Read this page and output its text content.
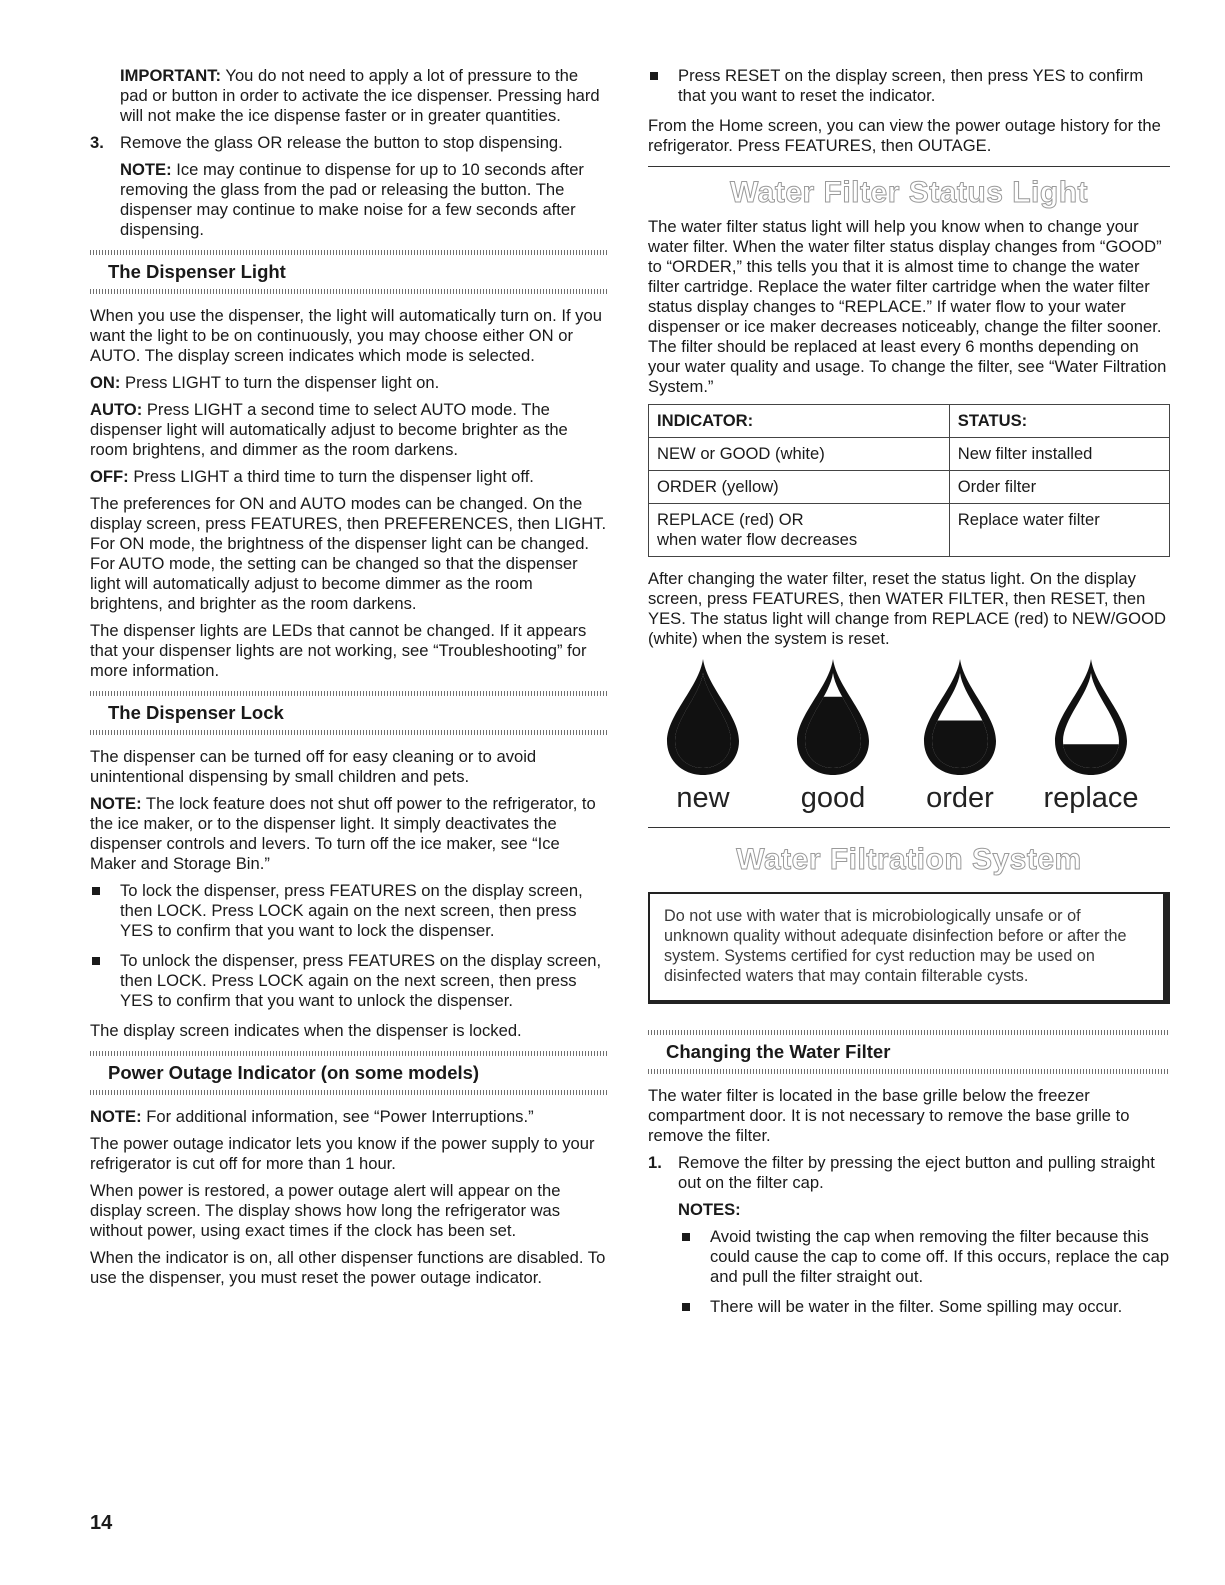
IMPORTANT: You do not need to apply a lot of pressure to the pad or button in order to activate the ice dispenser. Pressing hard will not make the ice dispense faster or in greater quantities.

3. Remove the glass OR release the button to stop dispensing.

NOTE: Ice may continue to dispense for up to 10 seconds after removing the glass from the pad or releasing the button. The dispenser may continue to make noise for a few seconds after dispensing.

The Dispenser Light

When you use the dispenser, the light will automatically turn on. If you want the light to be on continuously, you may choose either ON or AUTO. The display screen indicates which mode is selected.

ON: Press LIGHT to turn the dispenser light on.

AUTO: Press LIGHT a second time to select AUTO mode. The dispenser light will automatically adjust to become brighter as the room brightens, and dimmer as the room darkens.

OFF: Press LIGHT a third time to turn the dispenser light off.

The preferences for ON and AUTO modes can be changed. On the display screen, press FEATURES, then PREFERENCES, then LIGHT. For ON mode, the brightness of the dispenser light can be changed. For AUTO mode, the setting can be changed so that the dispenser light will automatically adjust to become dimmer as the room brightens, and brighter as the room darkens.

The dispenser lights are LEDs that cannot be changed. If it appears that your dispenser lights are not working, see “Troubleshooting” for more information.

The Dispenser Lock

The dispenser can be turned off for easy cleaning or to avoid unintentional dispensing by small children and pets.

NOTE: The lock feature does not shut off power to the refrigerator, to the ice maker, or to the dispenser light. It simply deactivates the dispenser controls and levers. To turn off the ice maker, see “Ice Maker and Storage Bin.”

To lock the dispenser, press FEATURES on the display screen, then LOCK. Press LOCK again on the next screen, then press YES to confirm that you want to lock the dispenser.

To unlock the dispenser, press FEATURES on the display screen, then LOCK. Press LOCK again on the next screen, then press YES to confirm that you want to unlock the dispenser.

The display screen indicates when the dispenser is locked.

Power Outage Indicator (on some models)

NOTE: For additional information, see “Power Interruptions.”

The power outage indicator lets you know if the power supply to your refrigerator is cut off for more than 1 hour.

When power is restored, a power outage alert will appear on the display screen. The display shows how long the refrigerator was without power, using exact times if the clock has been set.

When the indicator is on, all other dispenser functions are disabled. To use the dispenser, you must reset the power outage indicator.

Press RESET on the display screen, then press YES to confirm that you want to reset the indicator.

From the Home screen, you can view the power outage history for the refrigerator. Press FEATURES, then OUTAGE.

Water Filter Status Light

The water filter status light will help you know when to change your water filter. When the water filter status display changes from “GOOD” to “ORDER,” this tells you that it is almost time to change the water filter cartridge. Replace the water filter cartridge when the water filter status display changes to “REPLACE.” If water flow to your water dispenser or ice maker decreases noticeably, change the filter sooner. The filter should be replaced at least every 6 months depending on your water quality and usage. To change the filter, see “Water Filtration System.”

INDICATOR:	STATUS:
NEW or GOOD (white)	New filter installed
ORDER (yellow)	Order filter
REPLACE (red) OR
when water flow decreases	Replace water filter

After changing the water filter, reset the status light. On the display screen, press FEATURES, then WATER FILTER, then RESET, then YES. The status light will change from REPLACE (red) to NEW/GOOD (white) when the system is reset.

new	good	order	replace
Water Filtration System

Do not use with water that is microbiologically unsafe or of unknown quality without adequate disinfection before or after the system. Systems certified for cyst reduction may be used on disinfected waters that may contain filterable cysts.

Changing the Water Filter

The water filter is located in the base grille below the freezer compartment door. It is not necessary to remove the base grille to remove the filter.

1. Remove the filter by pressing the eject button and pulling straight out on the filter cap.

NOTES:

Avoid twisting the cap when removing the filter because this could cause the cap to come off. If this occurs, replace the cap and pull the filter straight out.

There will be water in the filter. Some spilling may occur.

14
